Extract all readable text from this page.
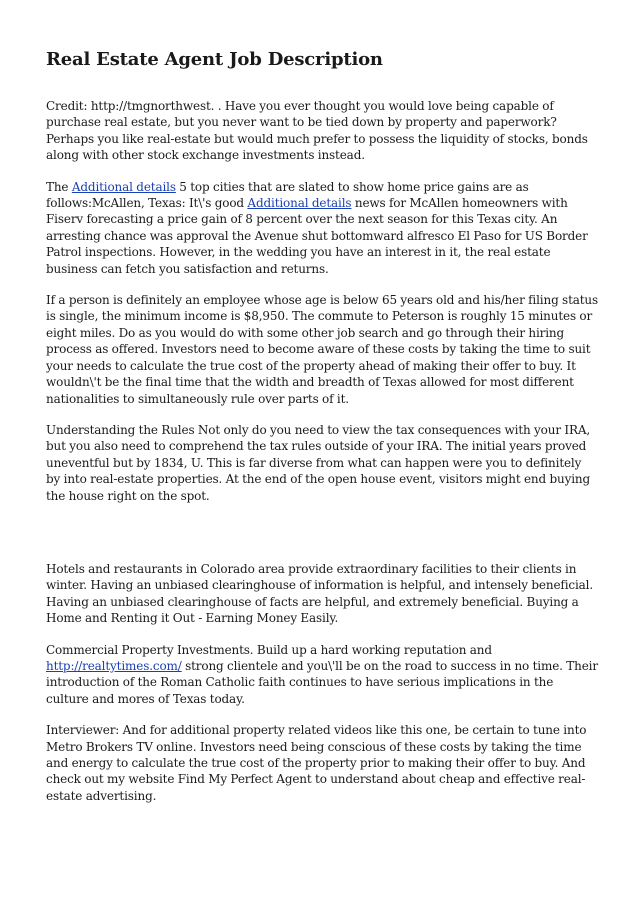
Real Estate Agent Job Description

Credit: http://tmgnorthwest. . Have you ever thought you would love being capable of purchase real estate, but you never want to be tied down by property and paperwork? Perhaps you like real-estate but would much prefer to possess the liquidity of stocks, bonds along with other stock exchange investments instead.

The Additional details 5 top cities that are slated to show home price gains are as follows:McAllen, Texas: It\'s good Additional details news for McAllen homeowners with Fiserv forecasting a price gain of 8 percent over the next season for this Texas city. An arresting chance was approval the Avenue shut bottomward alfresco El Paso for US Border Patrol inspections. However, in the wedding you have an interest in it, the real estate business can fetch you satisfaction and returns.

If a person is definitely an employee whose age is below 65 years old and his/her filing status is single, the minimum income is $8,950. The commute to Peterson is roughly 15 minutes or eight miles. Do as you would do with some other job search and go through their hiring process as offered. Investors need to become aware of these costs by taking the time to suit your needs to calculate the true cost of the property ahead of making their offer to buy. It wouldn\'t be the final time that the width and breadth of Texas allowed for most different nationalities to simultaneously rule over parts of it.

Understanding the Rules Not only do you need to view the tax consequences with your IRA, but you also need to comprehend the tax rules outside of your IRA. The initial years proved uneventful but by 1834, U. This is far diverse from what can happen were you to definitely by into real-estate properties. At the end of the open house event, visitors might end buying the house right on the spot.

Hotels and restaurants in Colorado area provide extraordinary facilities to their clients in winter. Having an unbiased clearinghouse of information is helpful, and intensely beneficial. Having an unbiased clearinghouse of facts are helpful, and extremely beneficial. Buying a Home and Renting it Out - Earning Money Easily.

Commercial Property Investments. Build up a hard working reputation and http://realtytimes.com/ strong clientele and you\'ll be on the road to success in no time. Their introduction of the Roman Catholic faith continues to have serious implications in the culture and mores of Texas today.

Interviewer: And for additional property related videos like this one, be certain to tune into Metro Brokers TV online. Investors need being conscious of these costs by taking the time and energy to calculate the true cost of the property prior to making their offer to buy. And check out my website Find My Perfect Agent to understand about cheap and effective real-estate advertising.
